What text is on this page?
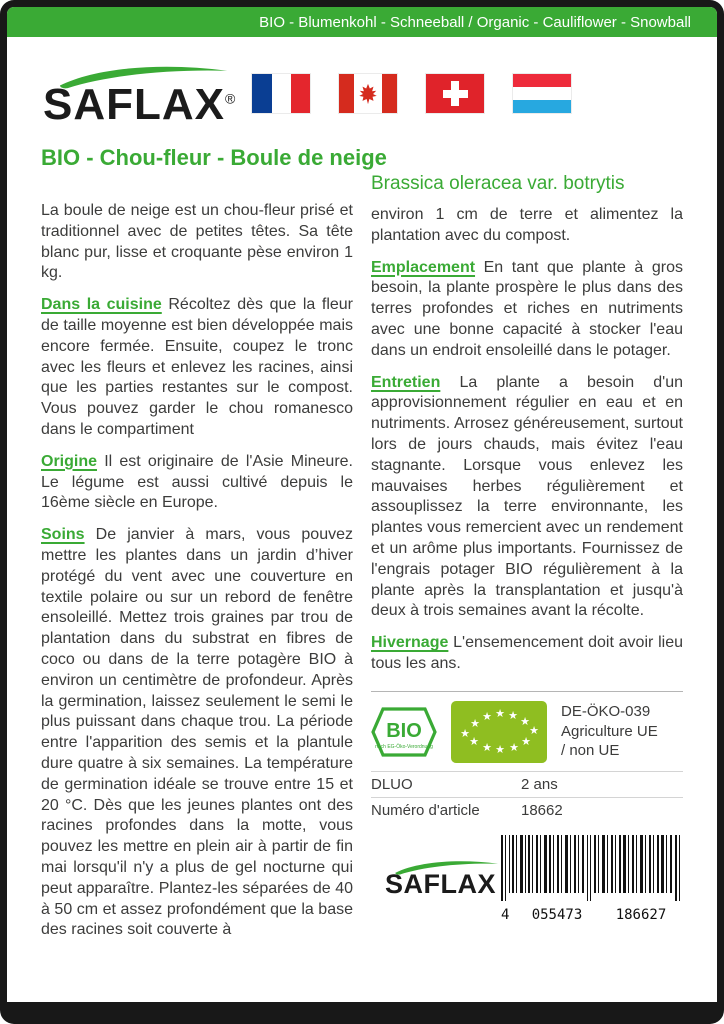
BIO - Blumenkohl - Schneeball / Organic - Cauliflower - Snowball
SAFLAX®
BIO - Chou-fleur - Boule de neige

La boule de neige est un chou-fleur prisé et traditionnel avec de petites têtes. Sa tête blanc pur, lisse et croquante pèse environ 1 kg.

Dans la cuisine Récoltez dès que la fleur de taille moyenne est bien développée mais encore fermée. Ensuite, coupez le tronc avec les fleurs et enlevez les racines, ainsi que les parties restantes sur le compost. Vous pouvez garder le chou romanesco dans le compartiment

Origine Il est originaire de l'Asie Mineure. Le légume est aussi cultivé depuis le 16ème siècle en Europe.

Soins De janvier à mars, vous pouvez mettre les plantes dans un jardin d’hiver protégé du vent avec une couverture en textile polaire ou sur un rebord de fenêtre ensoleillé. Mettez trois graines par trou de plantation dans du substrat en fibres de coco ou dans de la terre potagère BIO à environ un centimètre de profondeur. Après la germination, laissez seulement le semi le plus puissant dans chaque trou. La période entre l'apparition des semis et la plantule dure quatre à six semaines. La température de germination idéale se trouve entre 15 et 20 °C. Dès que les jeunes plantes ont des racines profondes dans la motte, vous pouvez les mettre en plein air à partir de fin mai lorsqu'il n'y a plus de gel nocturne qui peut apparaître. Plantez-les séparées de 40 à 50 cm et assez profondément que la base des racines soit couverte à

Brassica oleracea var. botrytis

environ 1 cm de terre et alimentez la plantation avec du compost.

Emplacement En tant que plante à gros besoin, la plante prospère le plus dans des terres profondes et riches en nutriments avec une bonne capacité à stocker l'eau dans un endroit ensoleillé dans le potager.

Entretien La plante a besoin d'un approvisionnement régulier en eau et en nutriments. Arrosez généreusement, surtout lors de jours chauds, mais évitez l'eau stagnante. Lorsque vous enlevez les mauvaises herbes régulièrement et assouplissez la terre environnante, les plantes vous remercient avec un rendement et un arôme plus importants. Fournissez de l'engrais potager BIO régulièrement à la plante après la transplantation et jusqu'à deux à trois semaines avant la récolte.

Hivernage L'ensemencement doit avoir lieu tous les ans.

BIO
nach EG-Öko-Verordnung
★
★
★ ★ ★ ★
★
★
★
★
★
★
DE-ÖKO-039
Agriculture UE
/ non UE
DLUO	2 ans
Numéro d'article	18662
SAFLAX
4	055473	186627
